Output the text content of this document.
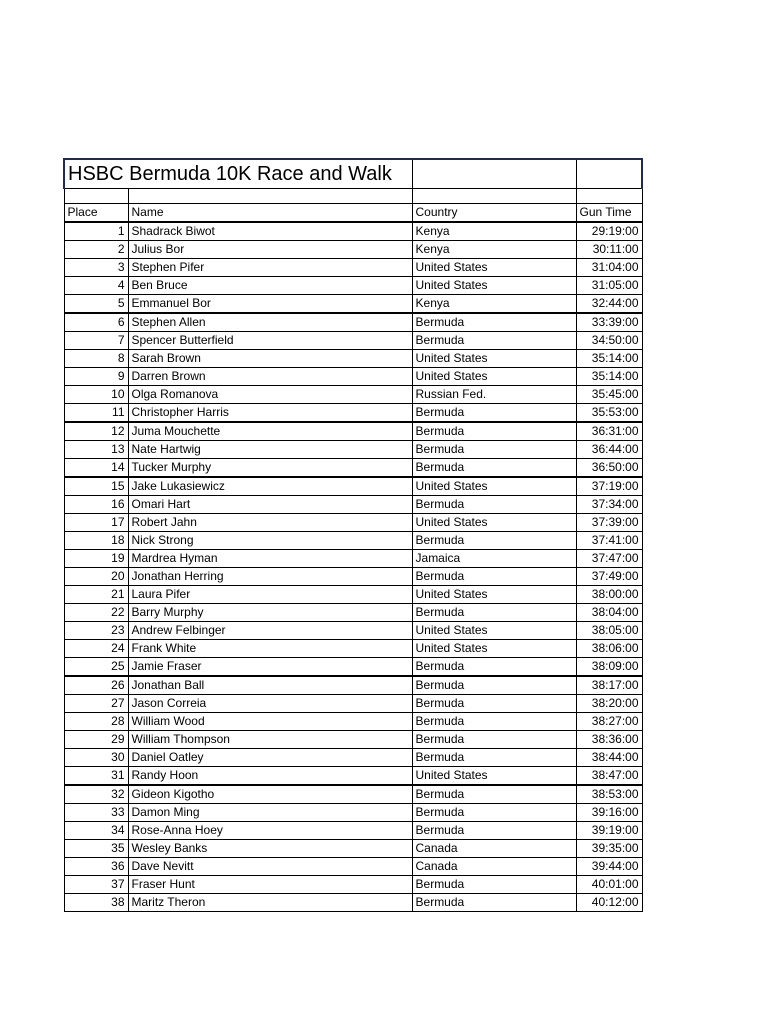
HSBC Bermuda 10K Race and Walk			

Place	Name	Country	Gun Time
1	Shadrack Biwot	Kenya	29:19:00
2	Julius Bor	Kenya	30:11:00
3	Stephen Pifer	United States	31:04:00
4	Ben Bruce	United States	31:05:00
5	Emmanuel Bor	Kenya	32:44:00
6	Stephen Allen	Bermuda	33:39:00
7	Spencer Butterfield	Bermuda	34:50:00
8	Sarah Brown	United States	35:14:00
9	Darren Brown	United States	35:14:00
10	Olga Romanova	Russian Fed.	35:45:00
11	Christopher Harris	Bermuda	35:53:00
12	Juma Mouchette	Bermuda	36:31:00
13	Nate Hartwig	Bermuda	36:44:00
14	Tucker Murphy	Bermuda	36:50:00
15	Jake Lukasiewicz	United States	37:19:00
16	Omari Hart	Bermuda	37:34:00
17	Robert Jahn	United States	37:39:00
18	Nick Strong	Bermuda	37:41:00
19	Mardrea Hyman	Jamaica	37:47:00
20	Jonathan Herring	Bermuda	37:49:00
21	Laura Pifer	United States	38:00:00
22	Barry Murphy	Bermuda	38:04:00
23	Andrew Felbinger	United States	38:05:00
24	Frank White	United States	38:06:00
25	Jamie Fraser	Bermuda	38:09:00
26	Jonathan Ball	Bermuda	38:17:00
27	Jason Correia	Bermuda	38:20:00
28	William Wood	Bermuda	38:27:00
29	William Thompson	Bermuda	38:36:00
30	Daniel Oatley	Bermuda	38:44:00
31	Randy Hoon	United States	38:47:00
32	Gideon Kigotho	Bermuda	38:53:00
33	Damon Ming	Bermuda	39:16:00
34	Rose-Anna Hoey	Bermuda	39:19:00
35	Wesley Banks	Canada	39:35:00
36	Dave Nevitt	Canada	39:44:00
37	Fraser Hunt	Bermuda	40:01:00
38	Maritz Theron	Bermuda	40:12:00
